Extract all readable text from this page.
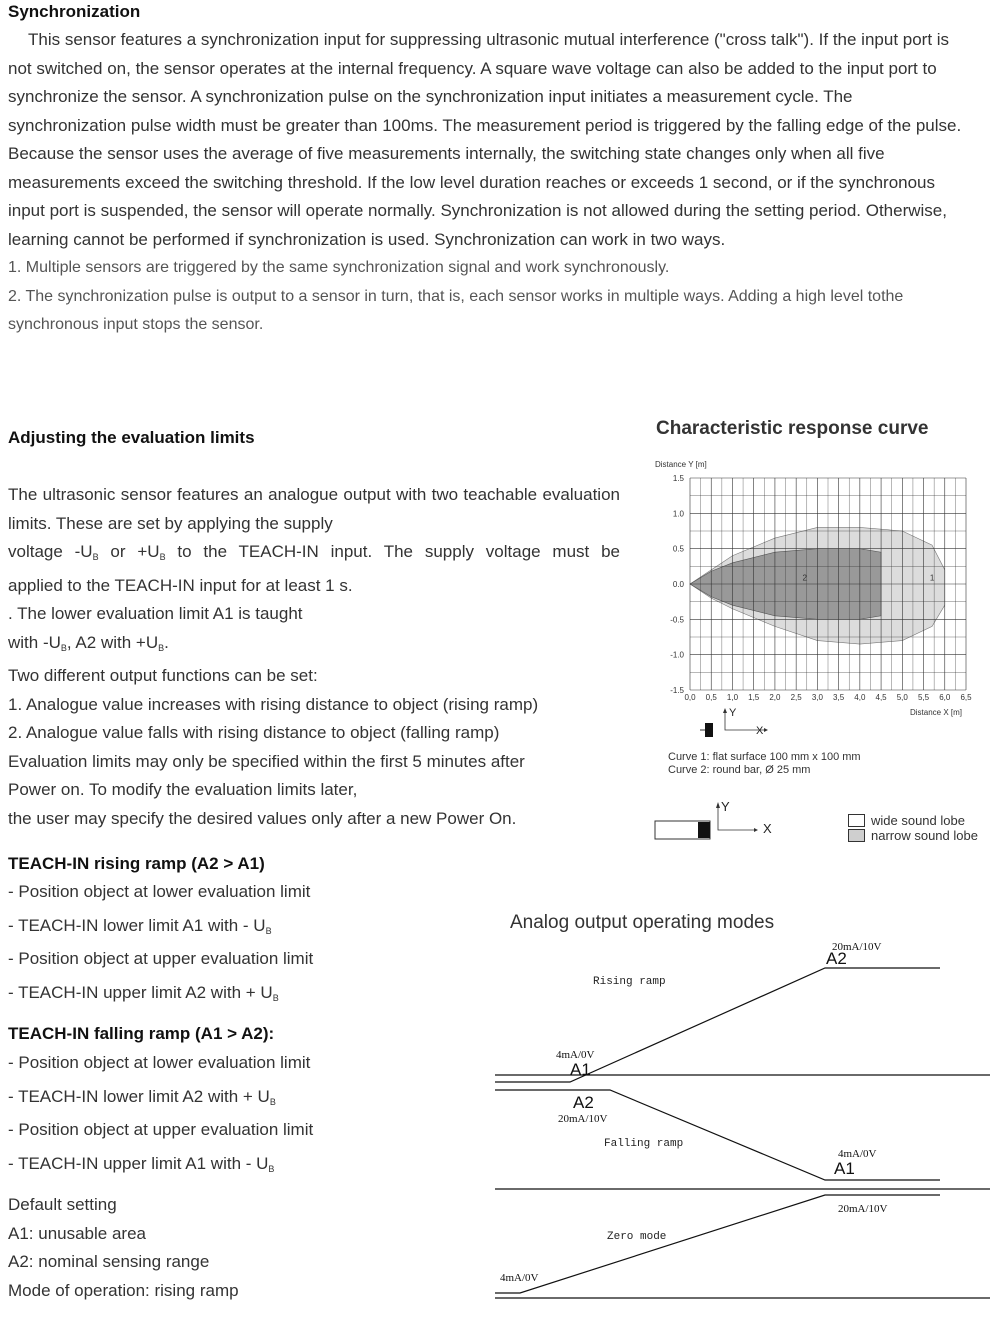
Synchronization

This sensor features a synchronization input for suppressing ultrasonic mutual interference ("cross talk"). If the input port is not switched on, the sensor operates at the internal frequency. A square wave voltage can also be added to the input port to synchronize the sensor. A synchronization pulse on the synchronization input initiates a measurement cycle. The synchronization pulse width must be greater than 100ms. The measurement period is triggered by the falling edge of the pulse. Because the sensor uses the average of five measurements internally, the switching state changes only when all five measurements exceed the switching threshold. If the low level duration reaches or exceeds 1 second, or if the synchronous input port is suspended, the sensor will operate normally. Synchronization is not allowed during the setting period. Otherwise, learning cannot be performed if synchronization is used. Synchronization can work in two ways.

1. Multiple sensors are triggered by the same synchronization signal and work synchronously.

2. The synchronization pulse is output to a sensor in turn, that is, each sensor works in multiple ways. Adding a high level tothe synchronous input stops the sensor.

Adjusting the evaluation limits

The ultrasonic sensor features an analogue output with two teachable evaluation limits. These are set by applying the supply

voltage $-U_B$ or $+U_B$ to the TEACH-IN input. The supply voltage must be

applied to the TEACH-IN input for at least 1 s.

. The lower evaluation limit A1 is taught

with $-U_B$, A2 with $+U_B$.

Two different output functions can be set:

1. Analogue value increases with rising distance to object (rising ramp)

2. Analogue value falls with rising distance to object (falling ramp)

Evaluation limits may only be specified within the first 5 minutes after

Power on. To modify the evaluation limits later,

the user may specify the desired values only after a new Power On.

TEACH-IN rising ramp (A2 > A1)

- Position object at lower evaluation limit

- TEACH-IN lower limit A1 with - $U_B$

- Position object at upper evaluation limit

- TEACH-IN upper limit A2 with + $U_B$

TEACH-IN falling ramp (A1 > A2):

- Position object at lower evaluation limit

- TEACH-IN lower limit A2 with + $U_B$

- Position object at upper evaluation limit

- TEACH-IN upper limit A1 with - $U_B$

Default setting

A1: unusable area

A2: nominal sensing range

Mode of operation: rising ramp

Characteristic response curve
Distance Y [m]
0,0 0,5 1,0 1,5 2,0 2,5 3,0 3,5 4,0 4,5 5,0 5,5 6,0 6,5
1.5
1.0
0.5
0.0
-0.5
-1.0
-1.5
2	1
Distance X [m]
Y
X
Curve 1: flat surface 100 mm x 100 mm
Curve 2: round bar, Ø 25 mm
Y
X
wide sound lobe
narrow sound lobe
Analog output operating modes
Rising ramp
4mA/0V
A1
20mA/10V
A2
A2
20mA/10V
Falling ramp
4mA/0V
A1
20mA/10V
Zero mode
4mA/0V
